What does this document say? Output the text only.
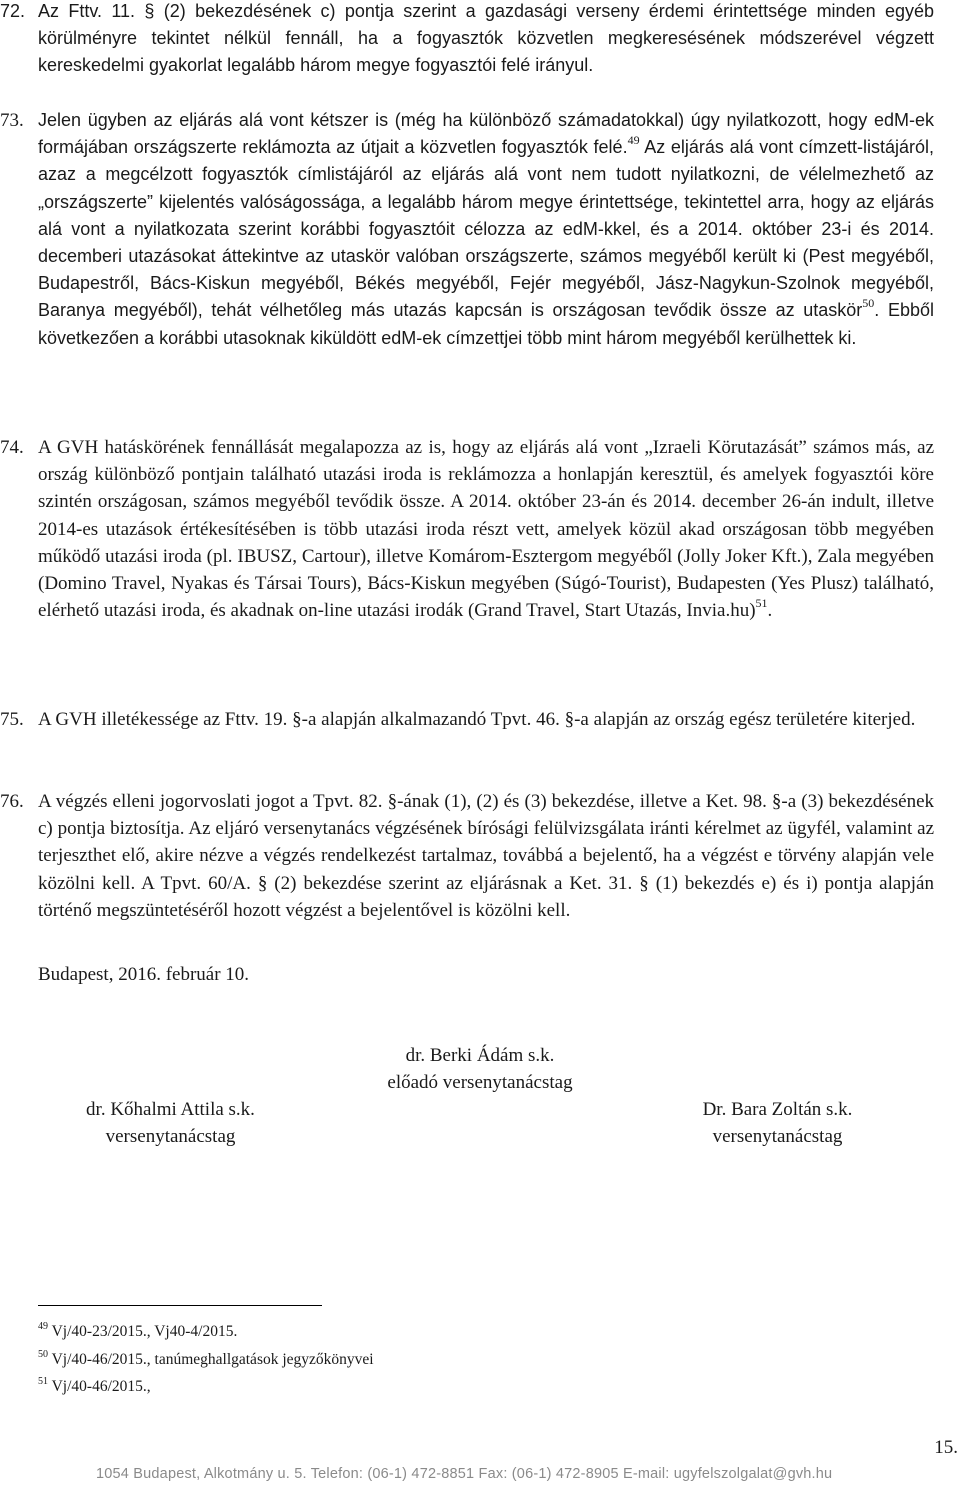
72. Az Fttv. 11. § (2) bekezdésének c) pontja szerint a gazdasági verseny érdemi érintettsége minden egyéb körülményre tekintet nélkül fennáll, ha a fogyasztók közvetlen megkeresésének módszerével végzett kereskedelmi gyakorlat legalább három megye fogyasztói felé irányul.
73. Jelen ügyben az eljárás alá vont kétszer is (még ha különböző számadatokkal) úgy nyilatkozott, hogy edM-ek formájában országszerte reklámozta az útjait a közvetlen fogyasztók felé.$^{49}$ Az eljárás alá vont címzett-listájáról, azaz a megcélzott fogyasztók címlistájáról az eljárás alá vont nem tudott nyilatkozni, de vélelmezhető az „országszerte” kijelentés valóságossága, a legalább három megye érintettsége, tekintettel arra, hogy az eljárás alá vont a nyilatkozata szerint korábbi fogyasztóit célozza az edM-kkel, és a 2014. október 23-i és 2014. decemberi utazásokat áttekintve az utaskör valóban országszerte, számos megyéből került ki (Pest megyéből, Budapestről, Bács-Kiskun megyéből, Békés megyéből, Fejér megyéből, Jász-Nagykun-Szolnok megyéből, Baranya megyéből), tehát vélhetőleg más utazás kapcsán is országosan tevődik össze az utaskör$^{50}$. Ebből következően a korábbi utasoknak kiküldött edM-ek címzettjei több mint három megyéből kerülhettek ki.
74. A GVH hatáskörének fennállását megalapozza az is, hogy az eljárás alá vont „Izraeli Körutazását” számos más, az ország különböző pontjain található utazási iroda is reklámozza a honlapján keresztül, és amelyek fogyasztói köre szintén országosan, számos megyéből tevődik össze. A 2014. október 23-án és 2014. december 26-án indult, illetve 2014-es utazások értékesítésében is több utazási iroda részt vett, amelyek közül akad országosan több megyében működő utazási iroda (pl. IBUSZ, Cartour), illetve Komárom-Esztergom megyéből (Jolly Joker Kft.), Zala megyében (Domino Travel, Nyakas és Társai Tours), Bács-Kiskun megyében (Súgó-Tourist), Budapesten (Yes Plusz) található, elérhető utazási iroda, és akadnak on-line utazási irodák (Grand Travel, Start Utazás, Invia.hu)$^{51}$.
75. A GVH illetékessége az Fttv. 19. §-a alapján alkalmazandó Tpvt. 46. §-a alapján az ország egész területére kiterjed.
76. A végzés elleni jogorvoslati jogot a Tpvt. 82. §-ának (1), (2) és (3) bekezdése, illetve a Ket. 98. §-a (3) bekezdésének c) pontja biztosítja. Az eljáró versenytanács végzésének bírósági felülvizsgálata iránti kérelmet az ügyfél, valamint az terjeszthet elő, akire nézve a végzés rendelkezést tartalmaz, továbbá a bejelentő, ha a végzést e törvény alapján vele közölni kell. A Tpvt. 60/A. § (2) bekezdése szerint az eljárásnak a Ket. 31. § (1) bekezdés e) és i) pontja alapján történő megszüntetéséről hozott végzést a bejelentővel is közölni kell.
Budapest, 2016. február 10.
dr. Berki Ádám s.k.
előadó versenytanácstag
dr. Kőhalmi Attila s.k.
versenytanácstag
Dr. Bara Zoltán s.k.
versenytanácstag
$^{49}$ Vj/40-23/2015., Vj40-4/2015.
$^{50}$ Vj/40-46/2015., tanúmeghallgatások jegyzőkönyvei
$^{51}$ Vj/40-46/2015.,
15.
1054 Budapest, Alkotmány u. 5. Telefon: (06-1) 472-8851 Fax: (06-1) 472-8905 E-mail: ugyfelszolgalat@gvh.hu
